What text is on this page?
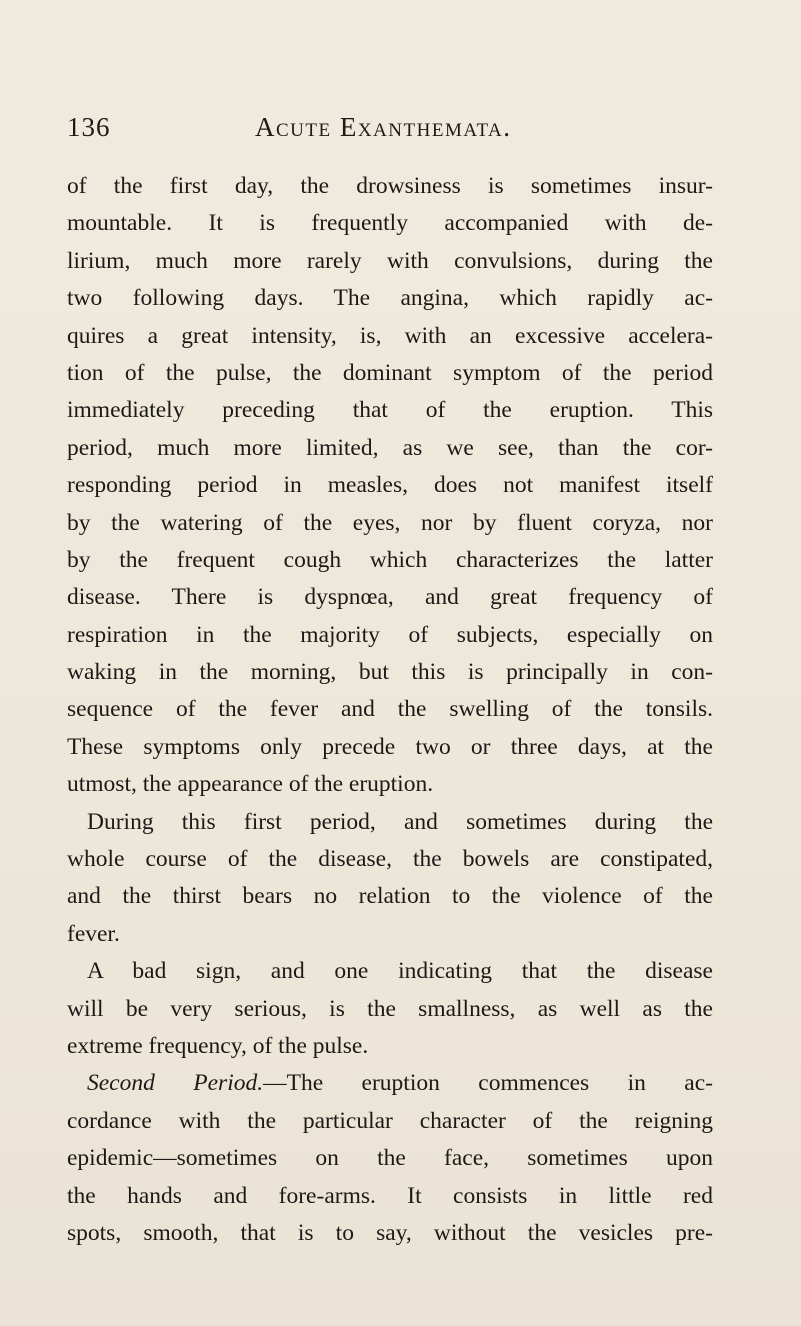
136	Acute Exanthemata.
of the first day, the drowsiness is sometimes insur-
mountable. It is frequently accompanied with de-
lirium, much more rarely with convulsions, during the
two following days. The angina, which rapidly ac-
quires a great intensity, is, with an excessive accelera-
tion of the pulse, the dominant symptom of the period
immediately preceding that of the eruption. This
period, much more limited, as we see, than the cor-
responding period in measles, does not manifest itself
by the watering of the eyes, nor by fluent coryza, nor
by the frequent cough which characterizes the latter
disease. There is dyspnœa, and great frequency of
respiration in the majority of subjects, especially on
waking in the morning, but this is principally in con-
sequence of the fever and the swelling of the tonsils.
These symptoms only precede two or three days, at the
utmost, the appearance of the eruption.
During this first period, and sometimes during the
whole course of the disease, the bowels are constipated,
and the thirst bears no relation to the violence of the
fever.
A bad sign, and one indicating that the disease
will be very serious, is the smallness, as well as the
extreme frequency, of the pulse.
Second Period.—The eruption commences in ac-
cordance with the particular character of the reigning
epidemic—sometimes on the face, sometimes upon
the hands and fore-arms. It consists in little red
spots, smooth, that is to say, without the vesicles pre-
